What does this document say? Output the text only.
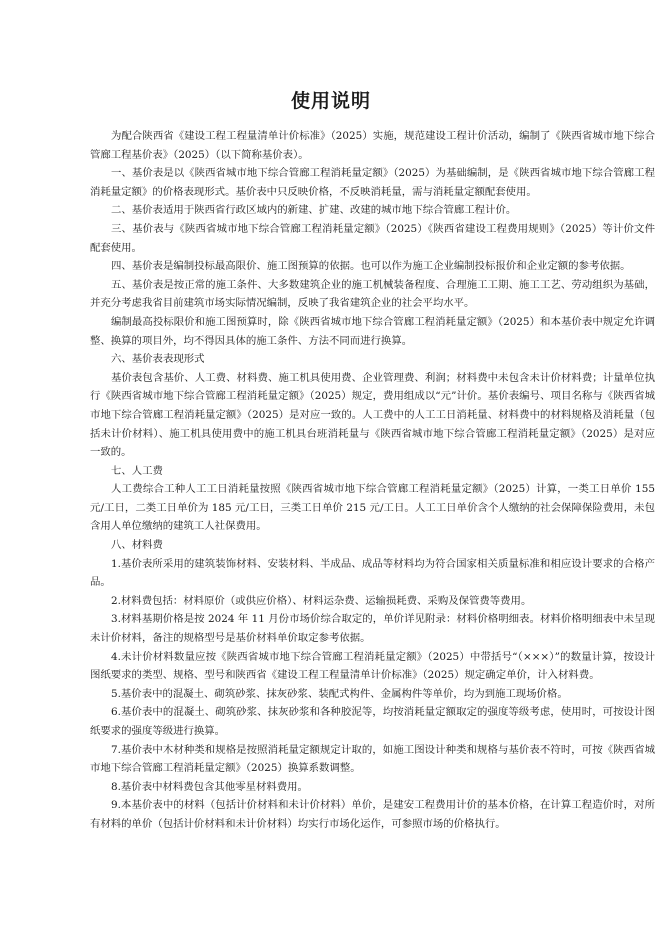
使用说明

为配合陕西省《建设工程工程量清单计价标准》（2025）实施，规范建设工程计价活动，编制了《陕西省城市地下综合管廊工程基价表》（2025）（以下简称基价表）。

一、基价表是以《陕西省城市地下综合管廊工程消耗量定额》（2025）为基础编制，是《陕西省城市地下综合管廊工程消耗量定额》的价格表现形式。基价表中只反映价格，不反映消耗量，需与消耗量定额配套使用。

二、基价表适用于陕西省行政区域内的新建、扩建、改建的城市地下综合管廊工程计价。

三、基价表与《陕西省城市地下综合管廊工程消耗量定额》（2025）《陕西省建设工程费用规则》（2025）等计价文件配套使用。

四、基价表是编制投标最高限价、施工图预算的依据。也可以作为施工企业编制投标报价和企业定额的参考依据。

五、基价表是按正常的施工条件、大多数建筑企业的施工机械装备程度、合理施工工期、施工工艺、劳动组织为基础，并充分考虑我省目前建筑市场实际情况编制，反映了我省建筑企业的社会平均水平。

编制最高投标限价和施工图预算时，除《陕西省城市地下综合管廊工程消耗量定额》（2025）和本基价表中规定允许调整、换算的项目外，均不得因具体的施工条件、方法不同而进行换算。

六、基价表表现形式

基价表包含基价、人工费、材料费、施工机具使用费、企业管理费、利润；材料费中未包含未计价材料费；计量单位执行《陕西省城市地下综合管廊工程消耗量定额》（2025）规定，费用组成以“元”计价。基价表编号、项目名称与《陕西省城市地下综合管廊工程消耗量定额》（2025）是对应一致的。人工费中的人工工日消耗量、材料费中的材料规格及消耗量（包括未计价材料）、施工机具使用费中的施工机具台班消耗量与《陕西省城市地下综合管廊工程消耗量定额》（2025）是对应一致的。

七、人工费

人工费综合工种人工工日消耗量按照《陕西省城市地下综合管廊工程消耗量定额》（2025）计算，一类工日单价 155 元/工日，二类工日单价为 185 元/工日，三类工日单价 215 元/工日。人工工日单价含个人缴纳的社会保障保险费用，未包含用人单位缴纳的建筑工人社保费用。

八、材料费

1.基价表所采用的建筑装饰材料、安装材料、半成品、成品等材料均为符合国家相关质量标准和相应设计要求的合格产品。

2.材料费包括：材料原价（或供应价格）、材料运杂费、运输损耗费、采购及保管费等费用。

3.材料基期价格是按 2024 年 11 月份市场价综合取定的，单价详见附录：材料价格明细表。材料价格明细表中未呈现未计价材料，备注的规格型号是基价材料单价取定参考依据。

4.未计价材料数量应按《陕西省城市地下综合管廊工程消耗量定额》（2025）中带括号“（×××）”的数量计算，按设计图纸要求的类型、规格、型号和陕西省《建设工程工程量清单计价标准》（2025）规定确定单价，计入材料费。

5.基价表中的混凝土、砌筑砂浆、抹灰砂浆、装配式构件、金属构件等单价，均为到施工现场价格。

6.基价表中的混凝土、砌筑砂浆、抹灰砂浆和各种胶泥等，均按消耗量定额取定的强度等级考虑，使用时，可按设计图纸要求的强度等级进行换算。

7.基价表中木材种类和规格是按照消耗量定额规定计取的，如施工图设计种类和规格与基价表不符时，可按《陕西省城市地下综合管廊工程消耗量定额》（2025）换算系数调整。

8.基价表中材料费包含其他零星材料费用。

9.本基价表中的材料（包括计价材料和未计价材料）单价，是建安工程费用计价的基本价格，在计算工程造价时，对所有材料的单价（包括计价材料和未计价材料）均实行市场化运作，可参照市场的价格执行。
